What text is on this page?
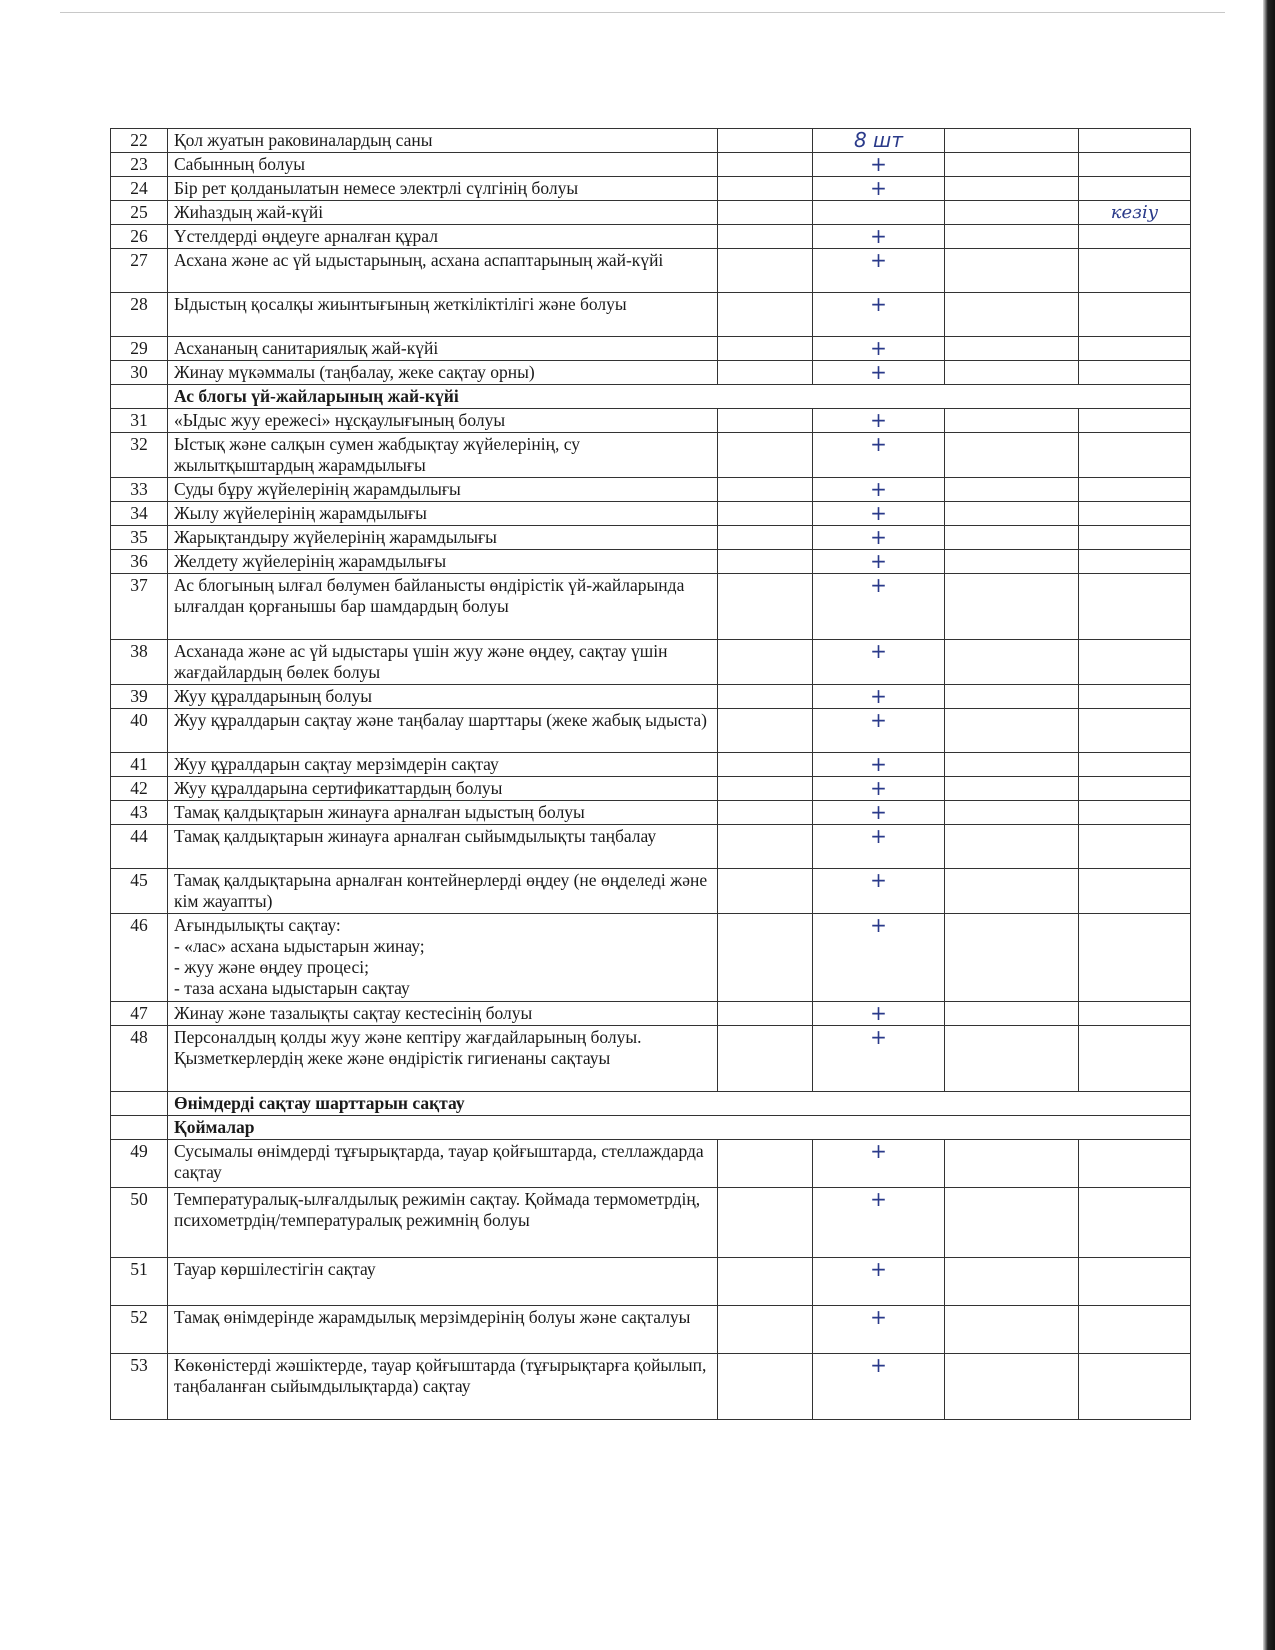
22	Қол жуатын раковиналардың саны		8 шт		
23	Сабынның болуы		+		
24	Бір рет қолданылатын немесе электрлі сүлгінің болуы		+		
25	Жиһаздың жай-күйі				кезіу
26	Үстелдерді өңдеуге арналған құрал		+		
27	Асхана және ас үй ыдыстарының, асхана аспаптарының жай-күйі		+		
28	Ыдыстың қосалқы жиынтығының жеткіліктілігі және болуы		+		
29	Асхананың санитариялық жай-күйі		+		
30	Жинау мүкәммалы (таңбалау, жеке сақтау орны)		+		
	Ас блогы үй-жайларының жай-күйі				
31	«Ыдыс жуу ережесі» нұсқаулығының болуы		+		
32	Ыстық және салқын сумен жабдықтау жүйелерінің, су жылытқыштардың жарамдылығы		+		
33	Суды бұру жүйелерінің жарамдылығы		+		
34	Жылу жүйелерінің жарамдылығы		+		
35	Жарықтандыру жүйелерінің жарамдылығы		+		
36	Желдету жүйелерінің жарамдылығы		+		
37	Ас блогының ылғал бөлумен байланысты өндірістік үй-жайларында ылғалдан қорғанышы бар шамдардың болуы		+		
38	Асханада және ас үй ыдыстары үшін жуу және өңдеу, сақтау үшін жағдайлардың бөлек болуы		+		
39	Жуу құралдарының болуы		+		
40	Жуу құралдарын сақтау және таңбалау шарттары (жеке жабық ыдыста)		+		
41	Жуу құралдарын сақтау мерзімдерін сақтау		+		
42	Жуу құралдарына сертификаттардың болуы		+		
43	Тамақ қалдықтарын жинауға арналған ыдыстың болуы		+		
44	Тамақ қалдықтарын жинауға арналған сыйымдылықты таңбалау		+		
45	Тамақ қалдықтарына арналған контейнерлерді өңдеу (не өңделеді және кім жауапты)		+		
46	Ағындылықты сақтау:
- «лас» асхана ыдыстарын жинау;
- жуу және өңдеу процесі;
- таза асхана ыдыстарын сақтау		+		
47	Жинау және тазалықты сақтау кестесінің болуы		+		
48	Персоналдың қолды жуу және кептіру жағдайларының болуы. Қызметкерлердің жеке және өндірістік гигиенаны сақтауы		+		
	Өнімдерді сақтау шарттарын сақтау				
	Қоймалар				
49	Сусымалы өнімдерді тұғырықтарда, тауар қойғыштарда, стеллаждарда сақтау		+		
50	Температуралық-ылғалдылық режимін сақтау. Қоймада термометрдің, психометрдің/температуралық режимнің болуы		+		
51	Тауар көршілестігін сақтау		+		
52	Тамақ өнімдерінде жарамдылық мерзімдерінің болуы және сақталуы		+		
53	Көкөністерді жәшіктерде, тауар қойғыштарда (тұғырықтарға қойылып, таңбаланған сыйымдылықтарда) сақтау		+		
